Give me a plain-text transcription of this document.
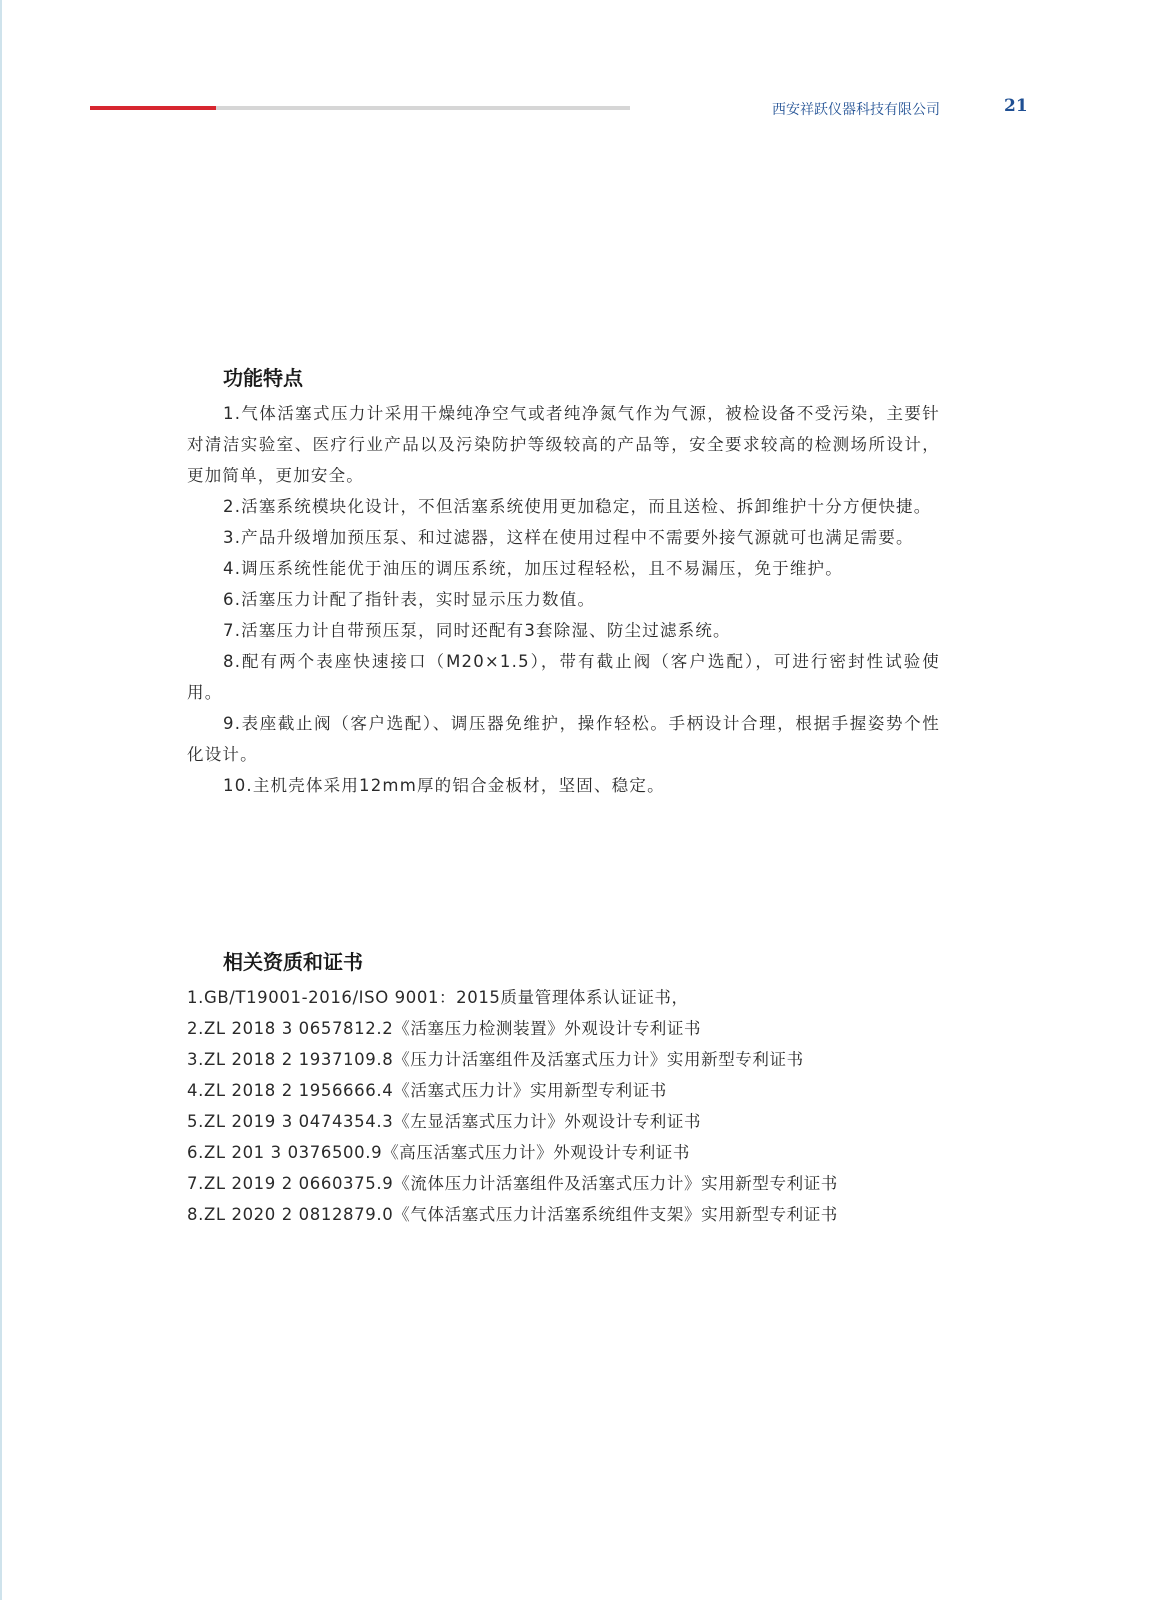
西安祥跃仪器科技有限公司	21
功能特点

1.气体活塞式压力计采用干燥纯净空气或者纯净氮气作为气源，被检设备不受污染，主要针对清洁实验室、医疗行业产品以及污染防护等级较高的产品等，安全要求较高的检测场所设计，更加简单，更加安全。

2.活塞系统模块化设计，不但活塞系统使用更加稳定，而且送检、拆卸维护十分方便快捷。

3.产品升级增加预压泵、和过滤器，这样在使用过程中不需要外接气源就可也满足需要。

4.调压系统性能优于油压的调压系统，加压过程轻松，且不易漏压，免于维护。

6.活塞压力计配了指针表，实时显示压力数值。

7.活塞压力计自带预压泵，同时还配有3套除湿、防尘过滤系统。

8.配有两个表座快速接口（M20×1.5），带有截止阀（客户选配），可进行密封性试验使用。

9.表座截止阀（客户选配）、调压器免维护，操作轻松。手柄设计合理，根据手握姿势个性化设计。

10.主机壳体采用12mm厚的铝合金板材，坚固、稳定。

相关资质和证书

1.GB/T19001-2016/ISO 9001：2015质量管理体系认证证书，

2.ZL 2018 3 0657812.2《活塞压力检测装置》外观设计专利证书

3.ZL 2018 2 1937109.8《压力计活塞组件及活塞式压力计》实用新型专利证书

4.ZL 2018 2 1956666.4《活塞式压力计》实用新型专利证书

5.ZL 2019 3 0474354.3《左显活塞式压力计》外观设计专利证书

6.ZL 201 3 0376500.9《高压活塞式压力计》外观设计专利证书

7.ZL 2019 2 0660375.9《流体压力计活塞组件及活塞式压力计》实用新型专利证书

8.ZL 2020 2 0812879.0《气体活塞式压力计活塞系统组件支架》实用新型专利证书
